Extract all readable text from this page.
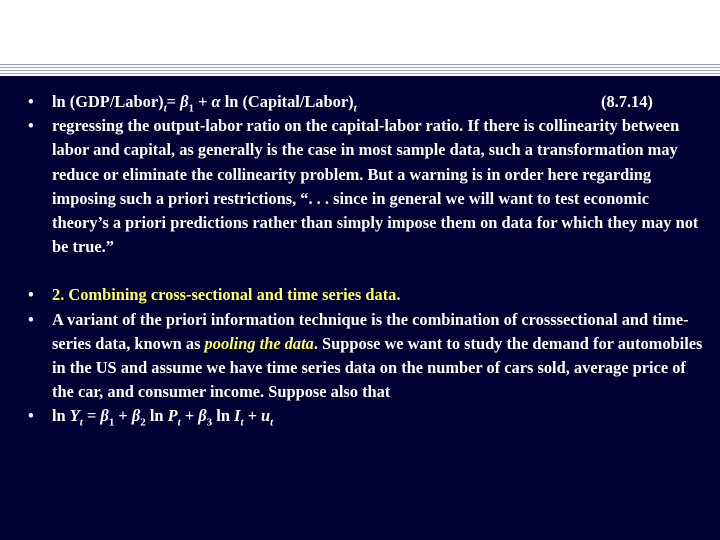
• $\ln (GDP/Labor)_t= \beta_1 + \alpha$ $\ln (Capital/Labor)_t$	(8.7.14)
• regressing the output-labor ratio on the capital-labor ratio. If there is collinearity between labor and capital, as generally is the case in most sample data, such a transformation may reduce or eliminate the collinearity problem. But a warning is in order here regarding imposing such a priori restrictions, “. . . since in general we will want to test economic theory’s a priori predictions rather than simply impose them on data for which they may not be true.”
• 2. Combining cross-sectional and time series data.
• A variant of the priori information technique is the combination of crosssectional and time-series data, known as pooling the data. Suppose we want to study the demand for automobiles in the US and assume we have time series data on the number of cars sold, average price of the car, and consumer income. Suppose also that
• $\ln Y_t = \beta_1 + \beta_2$ $\ln P_t + \beta_3$ $\ln I_t + u_t$
